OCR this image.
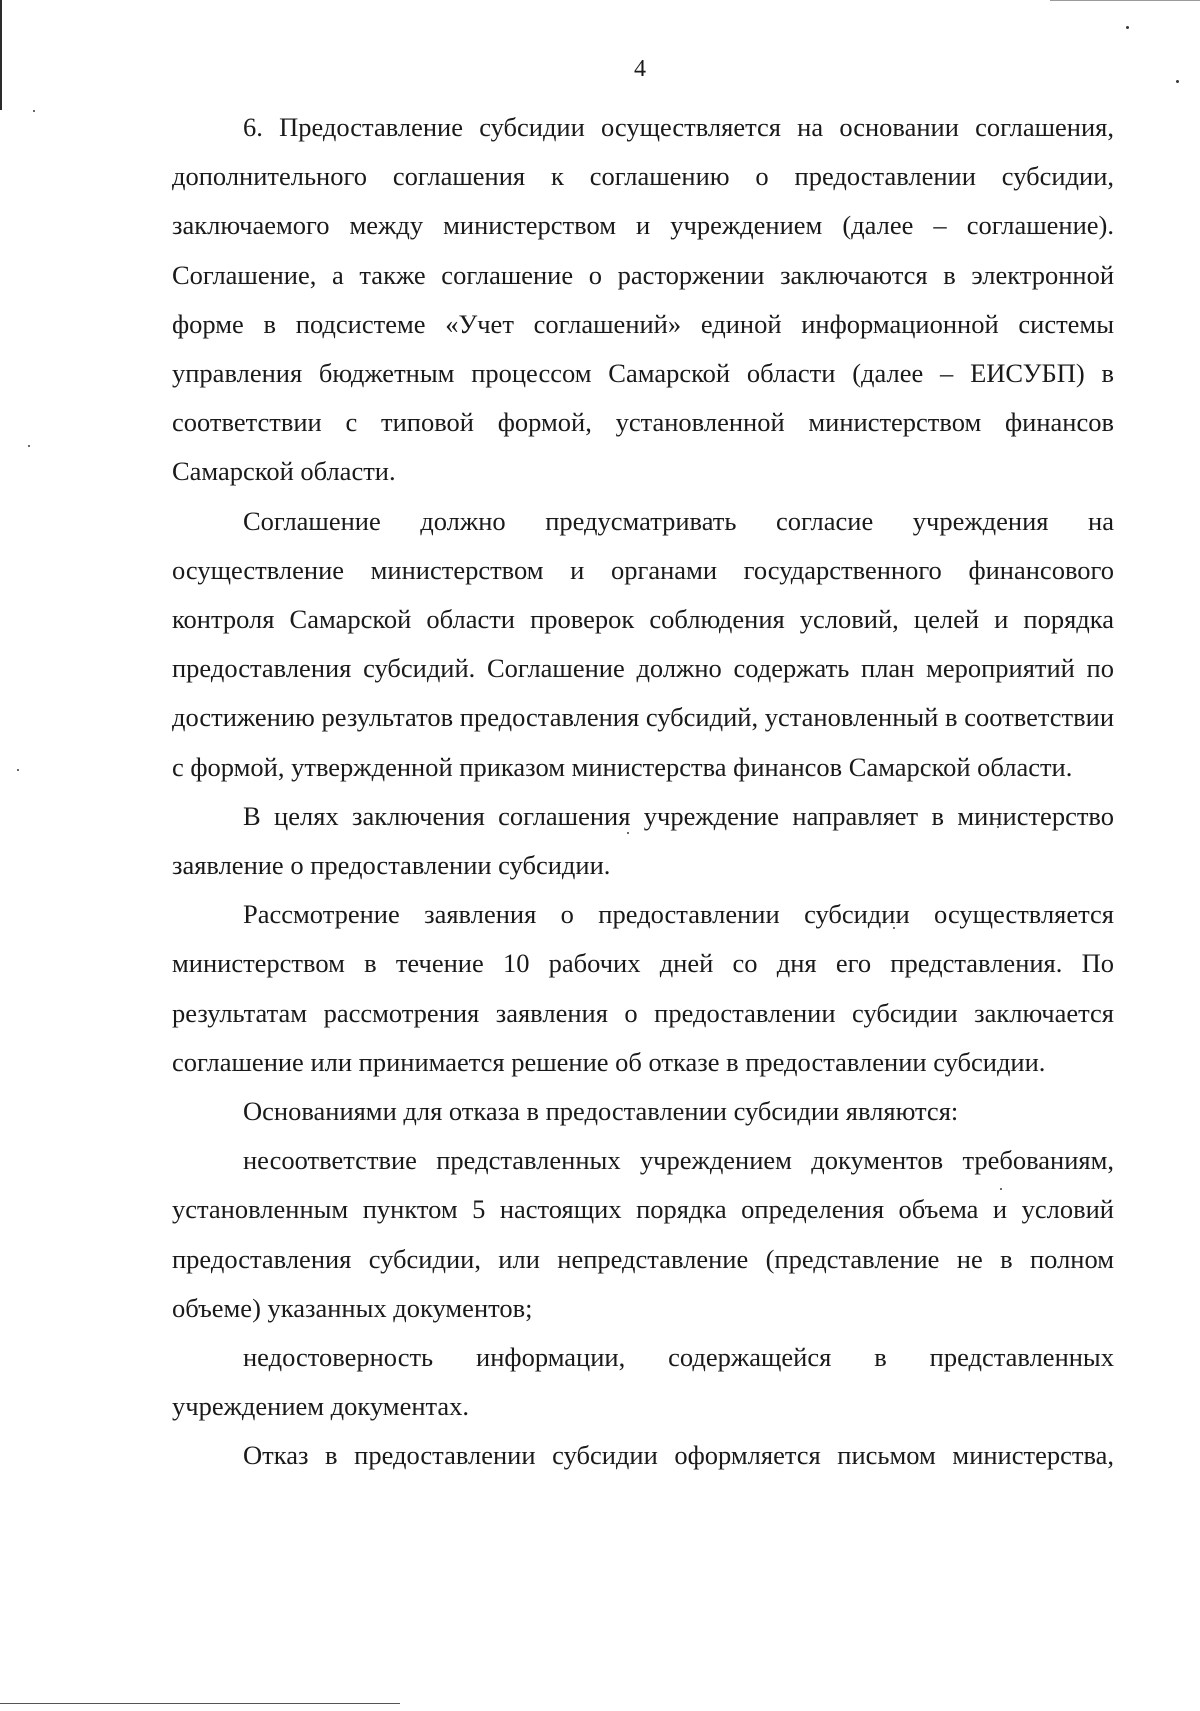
4

6. Предоставление субсидии осуществляется на основании соглашения, дополнительного соглашения к соглашению о предоставлении субсидии, заключаемого между министерством и учреждением (далее – соглашение). Соглашение, а также соглашение о расторжении заключаются в электронной форме в подсистеме «Учет соглашений» единой информационной системы управления бюджетным процессом Самарской области (далее – ЕИСУБП) в соответствии с типовой формой, установленной министерством финансов Самарской области.

Соглашение должно предусматривать согласие учреждения на осуществление министерством и органами государственного финансового контроля Самарской области проверок соблюдения условий, целей и порядка предоставления субсидий. Соглашение должно содержать план мероприятий по достижению результатов предоставления субсидий, установленный в соответствии с формой, утвержденной приказом министерства финансов Самарской области.

В целях заключения соглашения учреждение направляет в министерство заявление о предоставлении субсидии.

Рассмотрение заявления о предоставлении субсидии осуществляется министерством в течение 10 рабочих дней со дня его представления. По результатам рассмотрения заявления о предоставлении субсидии заключается соглашение или принимается решение об отказе в предоставлении субсидии.

Основаниями для отказа в предоставлении субсидии являются:

несоответствие представленных учреждением документов требованиям, установленным пунктом 5 настоящих порядка определения объема и условий предоставления субсидии, или непредставление (представление не в полном объеме) указанных документов;

недостоверность информации, содержащейся в представленных учреждением документах.

Отказ в предоставлении субсидии оформляется письмом министерства,
